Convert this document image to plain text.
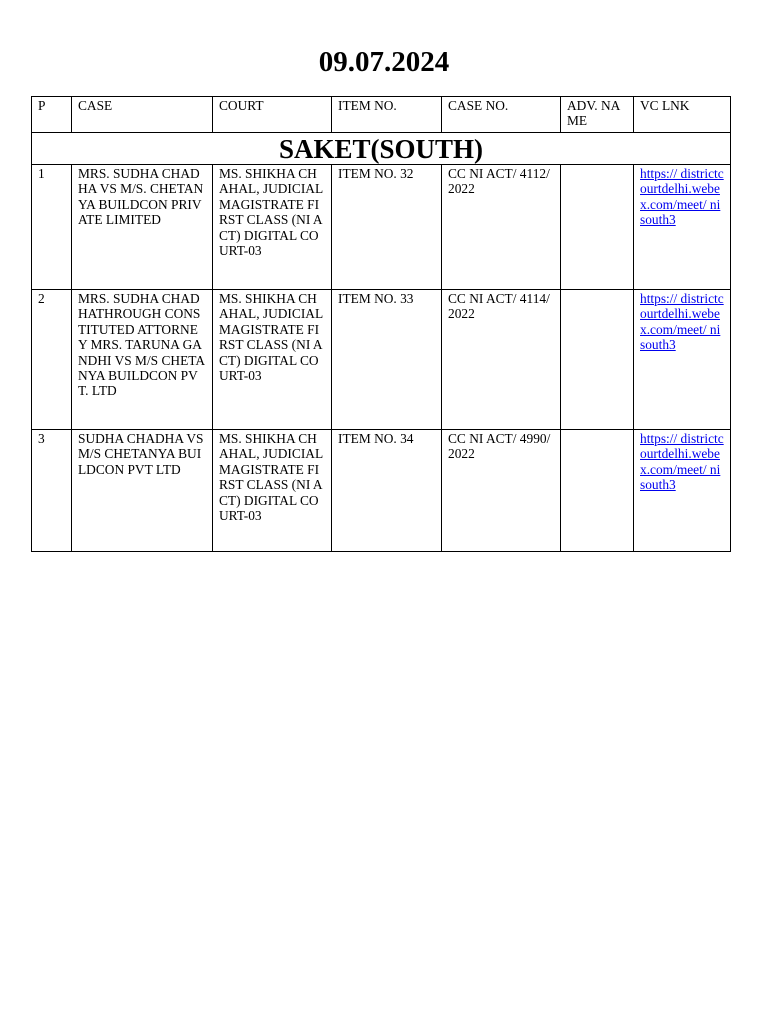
09.07.2024
P	CASE	COURT	ITEM NO.	CASE NO.	ADV. NAME	VC LNK
SAKET(SOUTH)						
1	MRS. SUDHA CHADHA VS M/S. CHETANYA BUILDCON PRIVATE LIMITED	MS. SHIKHA CHAHAL, JUDICIAL MAGISTRATE FIRST CLASS (NI ACT) DIGITAL COURT-03	ITEM NO. 32	CC NI ACT/ 4112/2022		https:// districtcourtdelhi.webex.com/meet/ nisouth3
2	MRS. SUDHA CHADHATHROUGH CONSTITUTED ATTORNEY MRS. TARUNA GANDHI VS M/S CHETANYA BUILDCON PVT. LTD	MS. SHIKHA CHAHAL, JUDICIAL MAGISTRATE FIRST CLASS (NI ACT) DIGITAL COURT-03	ITEM NO. 33	CC NI ACT/ 4114/2022		https:// districtcourtdelhi.webex.com/meet/ nisouth3
3	SUDHA CHADHA VS M/S CHETANYA BUILDCON PVT LTD	MS. SHIKHA CHAHAL, JUDICIAL MAGISTRATE FIRST CLASS (NI ACT) DIGITAL COURT-03	ITEM NO. 34	CC NI ACT/ 4990/2022		https:// districtcourtdelhi.webex.com/meet/ nisouth3
